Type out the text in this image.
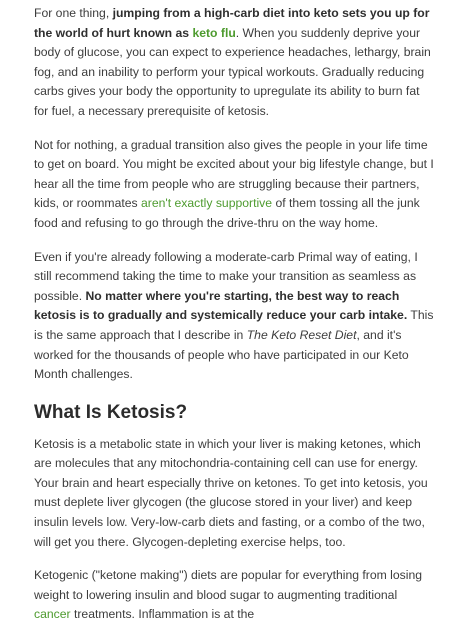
For one thing, jumping from a high-carb diet into keto sets you up for the world of hurt known as keto flu. When you suddenly deprive your body of glucose, you can expect to experience headaches, lethargy, brain fog, and an inability to perform your typical workouts. Gradually reducing carbs gives your body the opportunity to upregulate its ability to burn fat for fuel, a necessary prerequisite of ketosis.

Not for nothing, a gradual transition also gives the people in your life time to get on board. You might be excited about your big lifestyle change, but I hear all the time from people who are struggling because their partners, kids, or roommates aren't exactly supportive of them tossing all the junk food and refusing to go through the drive-thru on the way home.

Even if you're already following a moderate-carb Primal way of eating, I still recommend taking the time to make your transition as seamless as possible. No matter where you're starting, the best way to reach ketosis is to gradually and systemically reduce your carb intake. This is the same approach that I describe in The Keto Reset Diet, and it's worked for the thousands of people who have participated in our Keto Month challenges.

What Is Ketosis?

Ketosis is a metabolic state in which your liver is making ketones, which are molecules that any mitochondria-containing cell can use for energy. Your brain and heart especially thrive on ketones. To get into ketosis, you must deplete liver glycogen (the glucose stored in your liver) and keep insulin levels low. Very-low-carb diets and fasting, or a combo of the two, will get you there. Glycogen-depleting exercise helps, too.

Ketogenic ("ketone making") diets are popular for everything from losing weight to lowering insulin and blood sugar to augmenting traditional cancer treatments. Inflammation is at the
